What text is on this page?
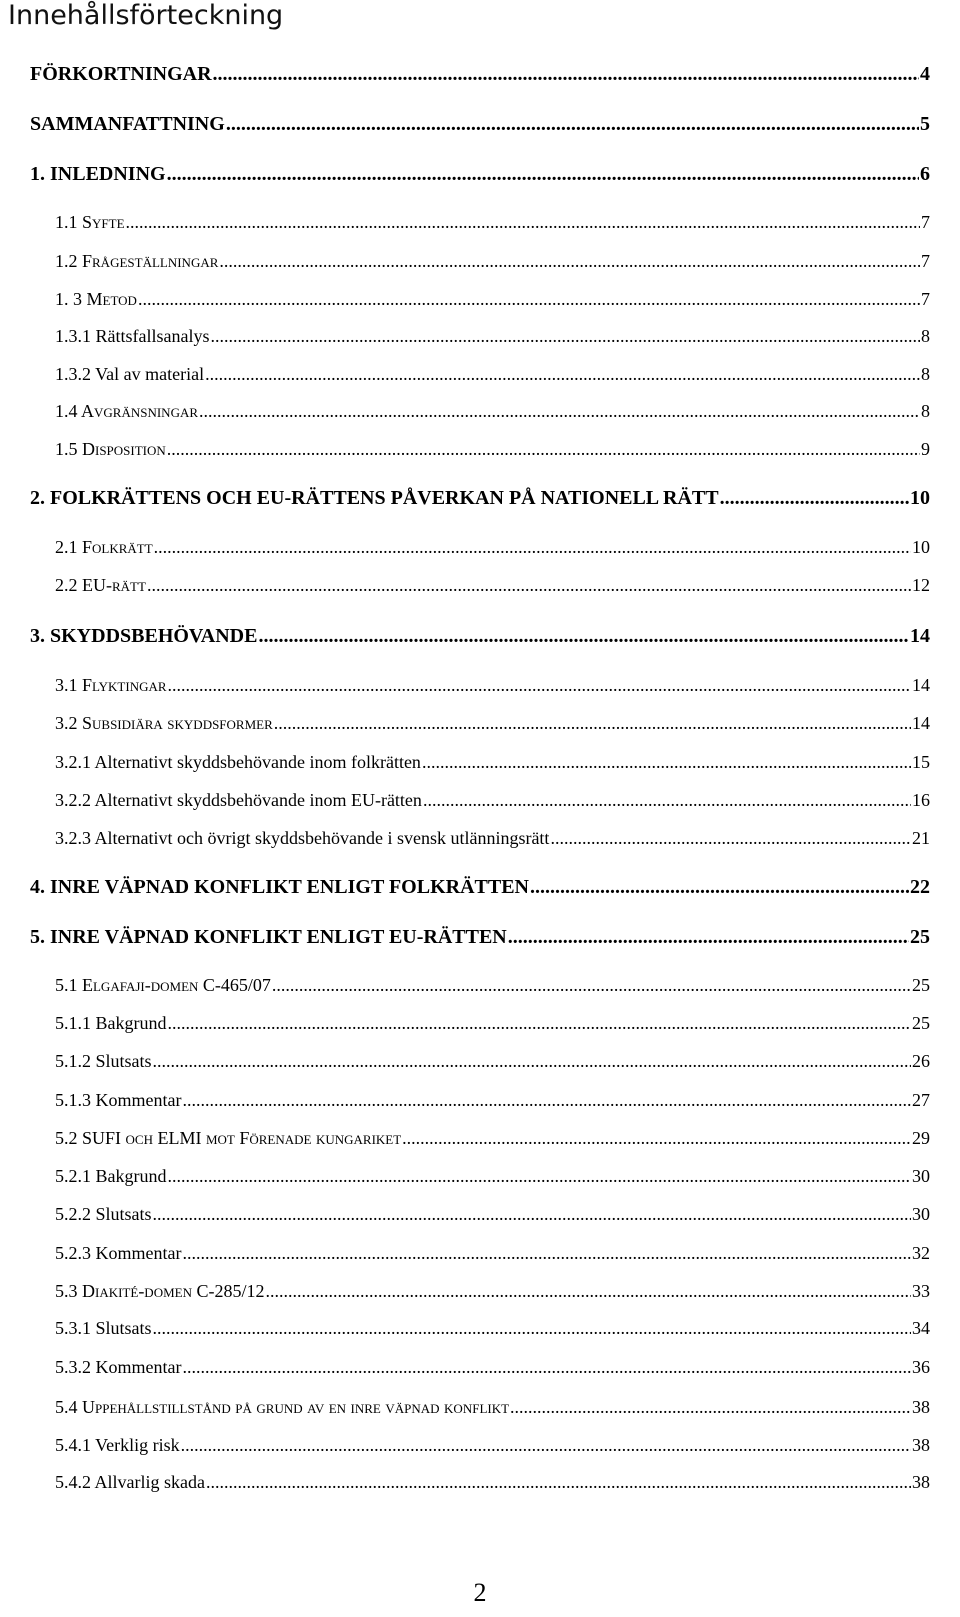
Innehållsförteckning
FÖRKORTNINGAR .....	4
SAMMANFATTNING .....	5
1. INLEDNING .....	6
1.1 Syfte .....	7
1.2 Frågeställningar .....	7
1. 3 Metod .....	7
1.3.1 Rättsfallsanalys .....	8
1.3.2 Val av material .....	8
1.4 Avgränsningar .....	8
1.5 Disposition .....	9
2. FOLKRÄTTENS OCH EU-RÄTTENS PÅVERKAN PÅ NATIONELL RÄTT .....	10
2.1 Folkrätt .....	10
2.2 EU-rätt .....	12
3. SKYDDSBEHÖVANDE .....	14
3.1 Flyktingar .....	14
3.2 Subsidiära skyddsformer .....	14
3.2.1 Alternativt skyddsbehövande inom folkrätten .....	15
3.2.2 Alternativt skyddsbehövande inom EU-rätten .....	16
3.2.3 Alternativt och övrigt skyddsbehövande i svensk utlänningsrätt .....	21
4. INRE VÄPNAD KONFLIKT ENLIGT FOLKRÄTTEN .....	22
5. INRE VÄPNAD KONFLIKT ENLIGT EU-RÄTTEN .....	25
5.1 Elgafaji-domen C-465/07 .....	25
5.1.1 Bakgrund .....	25
5.1.2 Slutsats .....	26
5.1.3 Kommentar .....	27
5.2 SUFI och ELMI mot Förenade kungariket .....	29
5.2.1 Bakgrund .....	30
5.2.2 Slutsats .....	30
5.2.3 Kommentar .....	32
5.3 Diakité-domen C-285/12 .....	33
5.3.1 Slutsats .....	34
5.3.2 Kommentar .....	36
5.4 Uppehållstillstånd på grund av en inre väpnad konflikt .....	38
5.4.1 Verklig risk .....	38
5.4.2 Allvarlig skada .....	38
2
